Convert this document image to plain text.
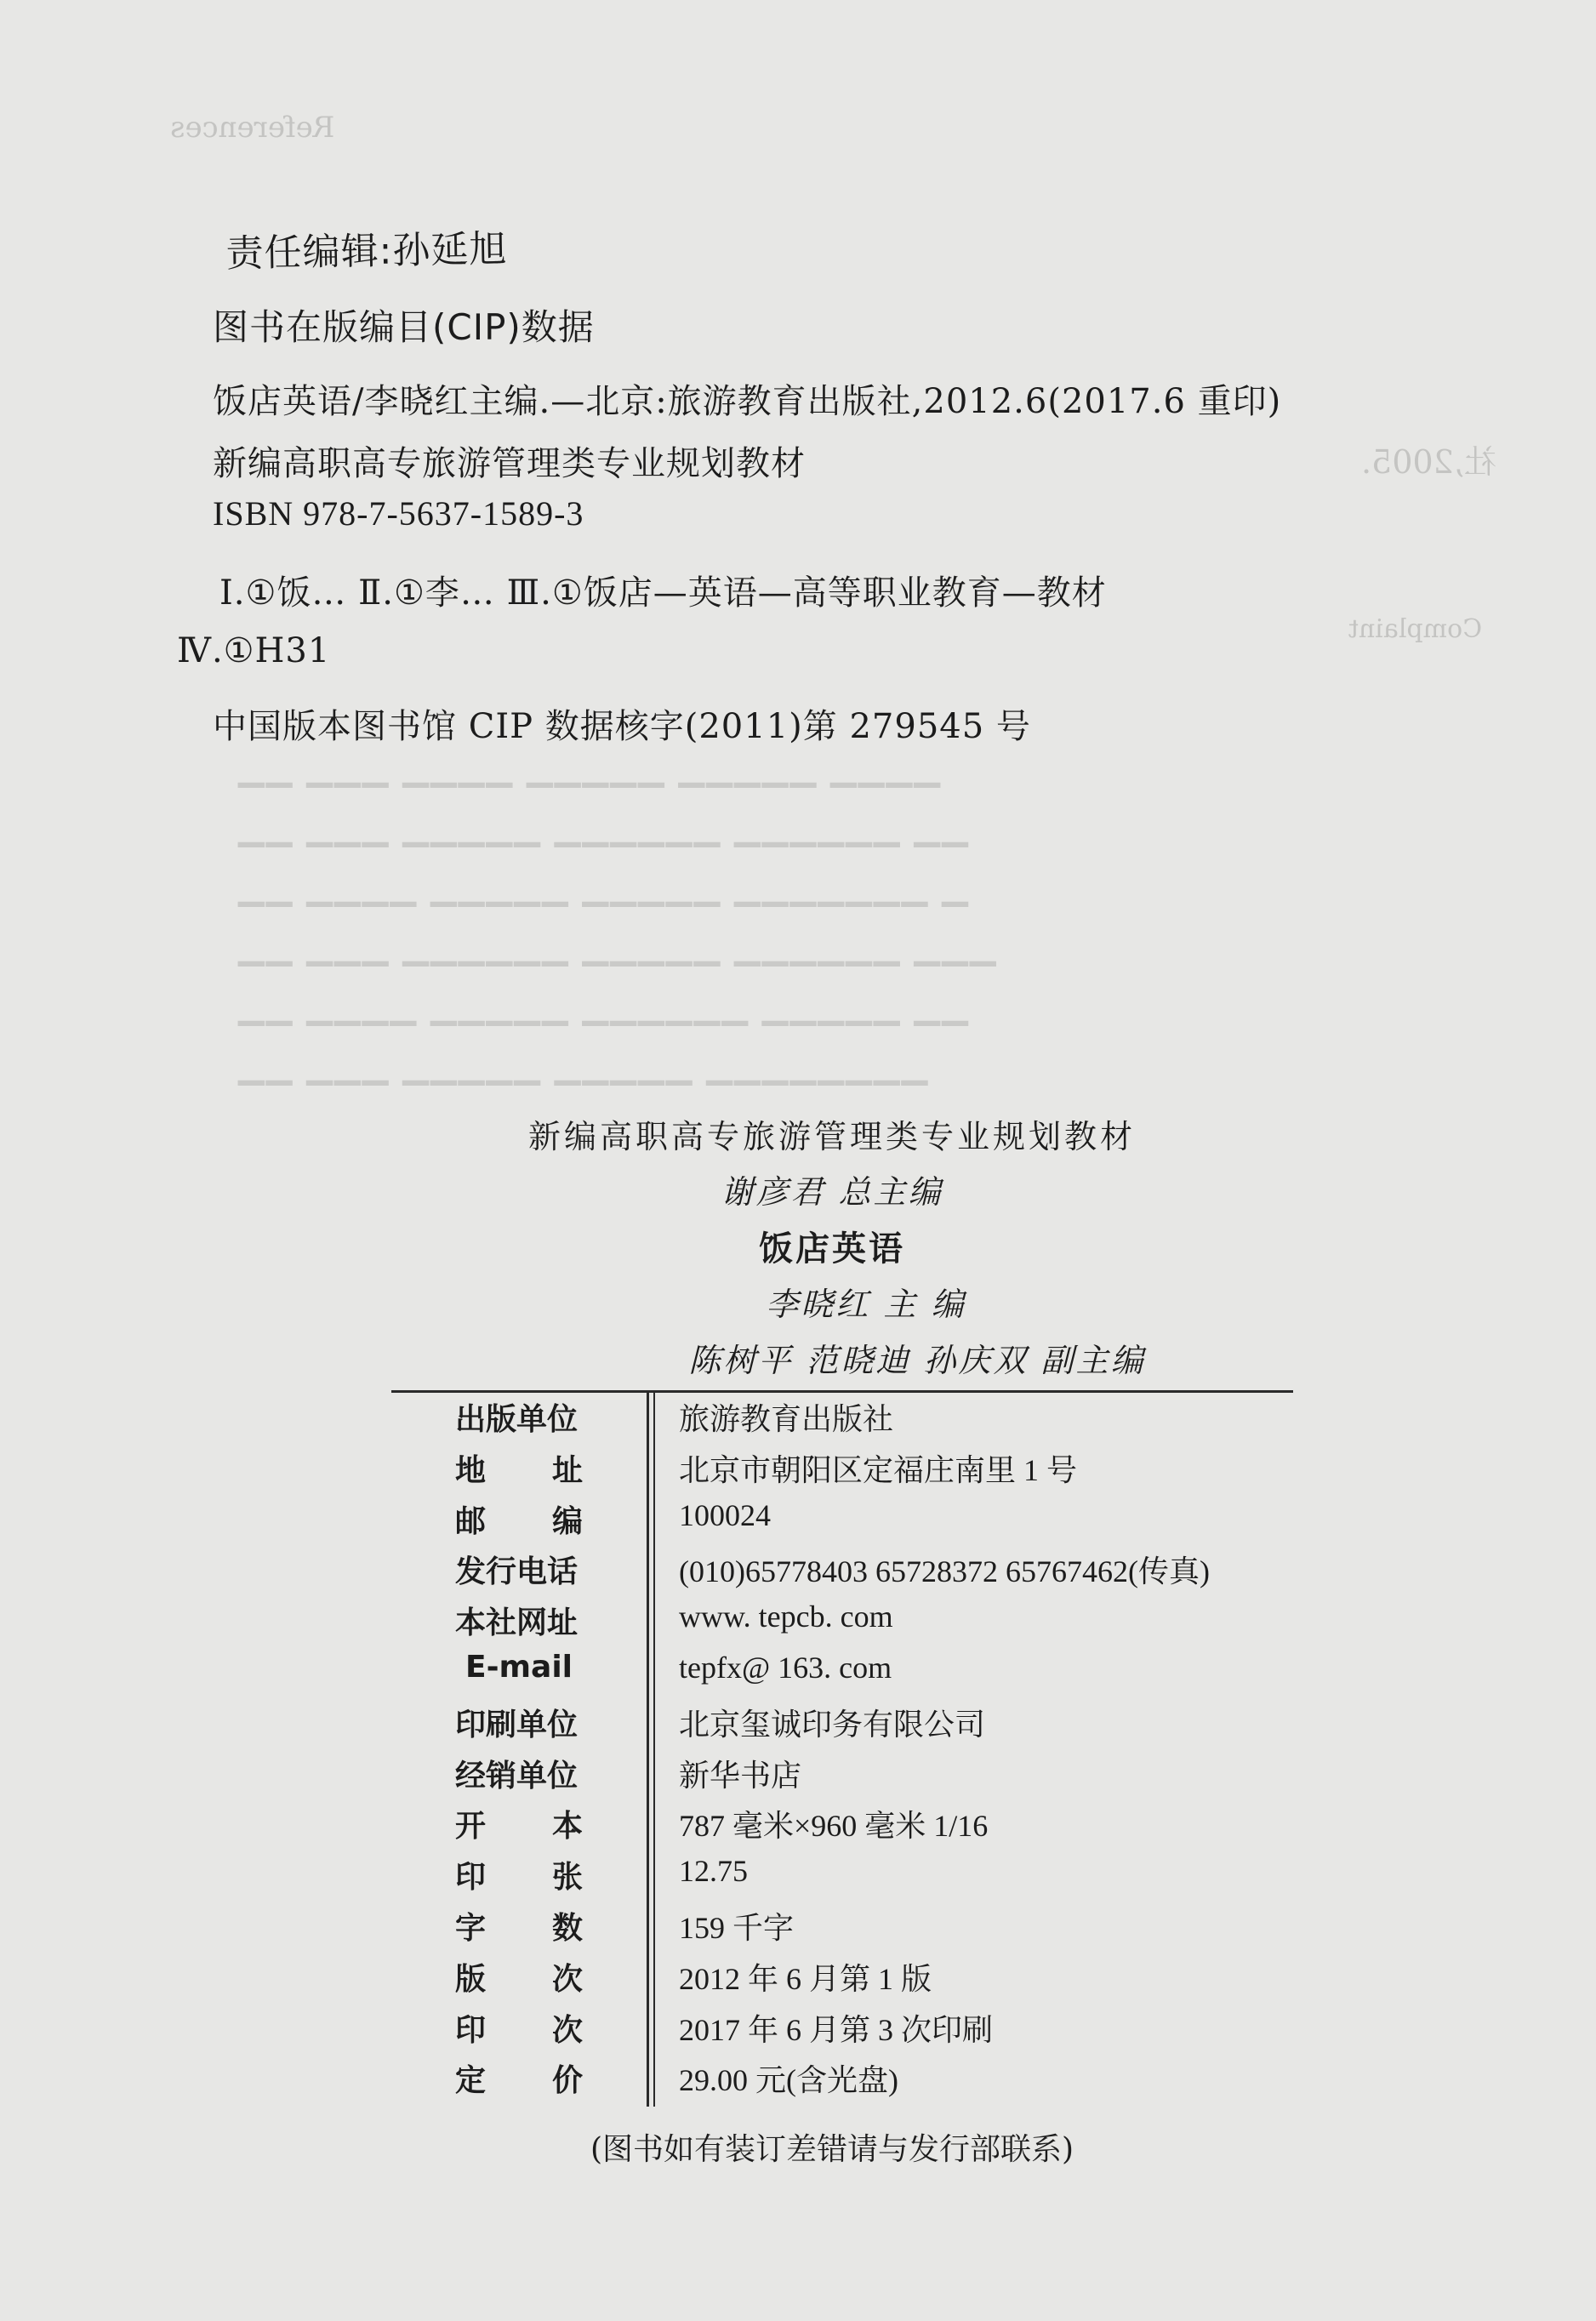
References
Complaint
社,2005.
▁▁ ▁▁▁ ▁▁▁▁ ▁▁▁▁▁ ▁▁▁▁▁ ▁▁▁▁
▁▁ ▁▁▁ ▁▁▁▁▁ ▁▁▁▁▁▁ ▁▁▁▁▁▁ ▁▁
▁▁ ▁▁▁▁ ▁▁▁▁▁ ▁▁▁▁▁ ▁▁▁▁▁▁▁ ▁
▁▁ ▁▁▁ ▁▁▁▁▁▁ ▁▁▁▁▁ ▁▁▁▁▁▁ ▁▁▁
▁▁ ▁▁▁▁ ▁▁▁▁▁ ▁▁▁▁▁▁ ▁▁▁▁▁ ▁▁
▁▁ ▁▁▁ ▁▁▁▁▁ ▁▁▁▁▁ ▁▁▁▁▁▁▁▁
责任编辑:孙延旭
图书在版编目(CIP)数据
饭店英语/李晓红主编.—北京:旅游教育出版社,2012.6(2017.6 重印)
新编高职高专旅游管理类专业规划教材
ISBN 978-7-5637-1589-3
Ⅰ.①饭… Ⅱ.①李… Ⅲ.①饭店—英语—高等职业教育—教材
Ⅳ.①H31
中国版本图书馆 CIP 数据核字(2011)第 279545 号
新编高职高专旅游管理类专业规划教材
谢彦君 总主编
饭店英语
李晓红 主 编
陈树平 范晓迪 孙庆双 副主编
出版单位	旅游教育出版社
地 址	北京市朝阳区定福庄南里 1 号
邮 编	100024
发行电话	(010)65778403 65728372 65767462(传真)
本社网址	www. tepcb. com
E-mail	tepfx@ 163. com
印刷单位	北京玺诚印务有限公司
经销单位	新华书店
开 本	787 毫米×960 毫米 1/16
印 张	12.75
字 数	159 千字
版 次	2012 年 6 月第 1 版
印 次	2017 年 6 月第 3 次印刷
定 价	29.00 元(含光盘)
(图书如有装订差错请与发行部联系)
